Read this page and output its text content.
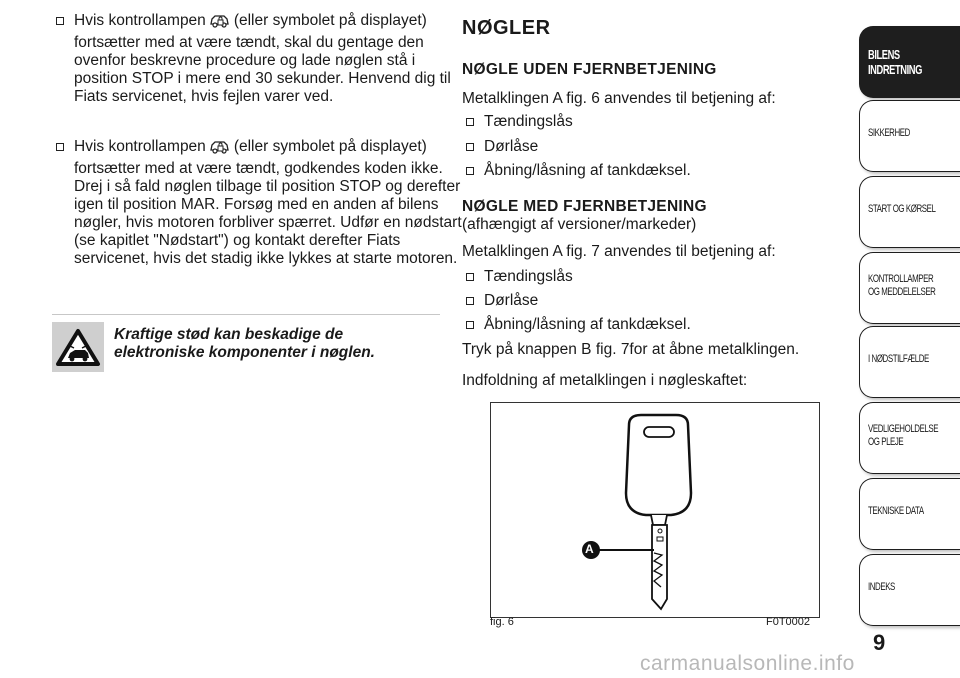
Hvis kontrollampen (eller symbolet på displayet) fortsætter med at være tændt, skal du gentage den ovenfor beskrevne procedure og lade nøglen stå i position STOP i mere end 30 sekunder. Henvend dig til Fiats servicenet, hvis fejlen varer ved.
Hvis kontrollampen (eller symbolet på displayet) fortsætter med at være tændt, godkendes koden ikke. Drej i så fald nøglen tilbage til position STOP og derefter igen til position MAR. Forsøg med en anden af bilens nøgler, hvis motoren forbliver spærret. Udfør en nødstart (se kapitlet "Nødstart") og kontakt derefter Fiats servicenet, hvis det stadig ikke lykkes at starte motoren.
Kraftige stød kan beskadige de elektroniske komponenter i nøglen.
NØGLER
NØGLE UDEN FJERNBETJENING
Metalklingen A fig. 6 anvendes til betjening af:
Tændingslås
Dørlåse
Åbning/låsning af tankdæksel.
NØGLE MED FJERNBETJENING
(afhængigt af versioner/markeder)
Metalklingen A fig. 7 anvendes til betjening af:
Tændingslås
Dørlåse
Åbning/låsning af tankdæksel.
Tryk på knappen B fig. 7for at åbne metalklingen.
Indfoldning af metalklingen i nøgleskaftet:
A
fig. 6	F0T0002
BILENS
INDRETNING
SIKKERHED
START OG KØRSEL
KONTROLLAMPER
OG MEDDELELSER
I NØDSTILFÆLDE
VEDLIGEHOLDELSE
OG PLEJE
TEKNISKE DATA
INDEKS
9
carmanualsonline.info
